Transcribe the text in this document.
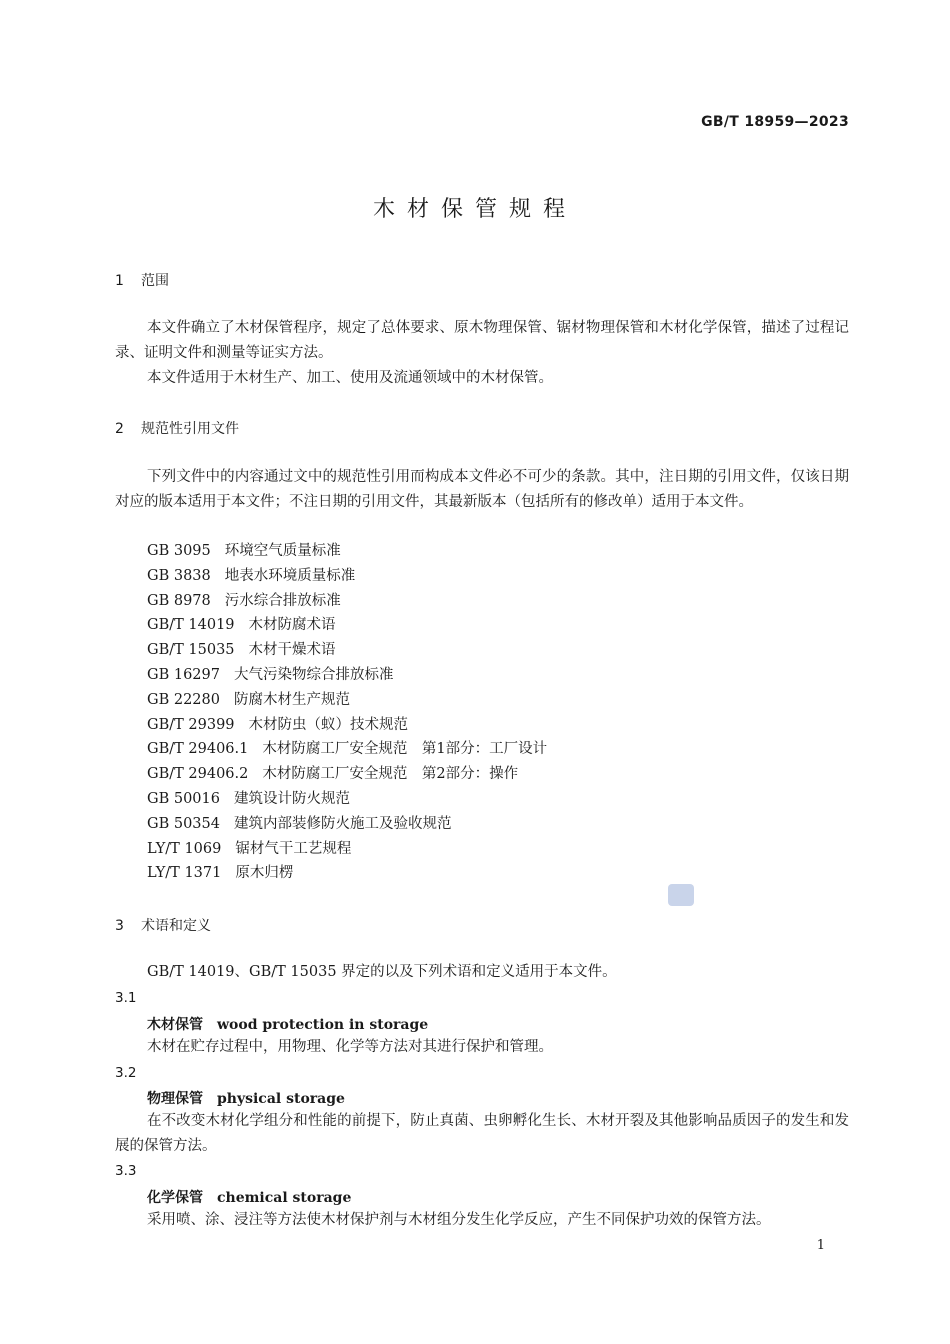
GB/T 18959—2023
木材保管规程
1 范围

本文件确立了木材保管程序，规定了总体要求、原木物理保管、锯材物理保管和木材化学保管，描述了过程记录、证明文件和测量等证实方法。

本文件适用于木材生产、加工、使用及流通领域中的木材保管。

2 规范性引用文件

下列文件中的内容通过文中的规范性引用而构成本文件必不可少的条款。其中，注日期的引用文件，仅该日期对应的版本适用于本文件；不注日期的引用文件，其最新版本（包括所有的修改单）适用于本文件。

GB 3095 环境空气质量标准
GB 3838 地表水环境质量标准
GB 8978 污水综合排放标准
GB/T 14019 木材防腐术语
GB/T 15035 木材干燥术语
GB 16297 大气污染物综合排放标准
GB 22280 防腐木材生产规范
GB/T 29399 木材防虫（蚁）技术规范
GB/T 29406.1 木材防腐工厂安全规范　第1部分：工厂设计
GB/T 29406.2 木材防腐工厂安全规范　第2部分：操作
GB 50016 建筑设计防火规范
GB 50354 建筑内部装修防火施工及验收规范
LY/T 1069 锯材气干工艺规程
LY/T 1371 原木归楞
3 术语和定义

GB/T 14019、GB/T 15035 界定的以及下列术语和定义适用于本文件。

3.1
木材保管 wood protection in storage

木材在贮存过程中，用物理、化学等方法对其进行保护和管理。

3.2
物理保管 physical storage

在不改变木材化学组分和性能的前提下，防止真菌、虫卵孵化生长、木材开裂及其他影响品质因子的发生和发展的保管方法。

3.3
化学保管 chemical storage

采用喷、涂、浸注等方法使木材保护剂与木材组分发生化学反应，产生不同保护功效的保管方法。

1
